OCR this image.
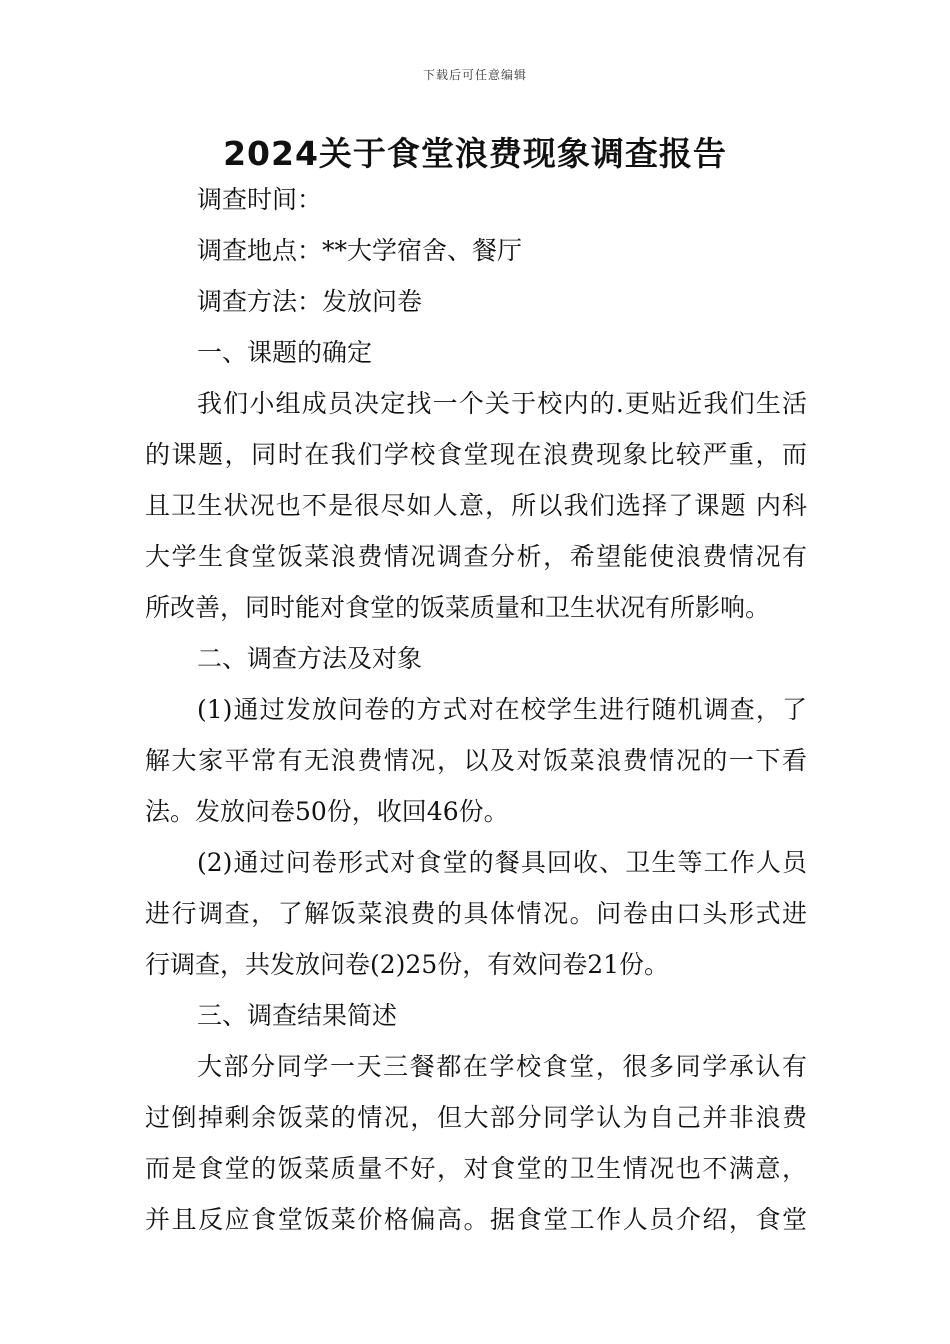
下载后可任意编辑
2024关于食堂浪费现象调查报告
调查时间：
调查地点：**大学宿舍、餐厅
调查方法：发放问卷
一、课题的确定
我们小组成员决定找一个关于校内的.更贴近我们生活
的课题，同时在我们学校食堂现在浪费现象比较严重，而
且卫生状况也不是很尽如人意，所以我们选择了课题 内科
大学生食堂饭菜浪费情况调查分析，希望能使浪费情况有
所改善，同时能对食堂的饭菜质量和卫生状况有所影响。
二、调查方法及对象
(1)通过发放问卷的方式对在校学生进行随机调查，了
解大家平常有无浪费情况，以及对饭菜浪费情况的一下看
法。发放问卷50份，收回46份。
(2)通过问卷形式对食堂的餐具回收、卫生等工作人员
进行调查，了解饭菜浪费的具体情况。问卷由口头形式进
行调查，共发放问卷(2)25份，有效问卷21份。
三、调查结果简述
大部分同学一天三餐都在学校食堂，很多同学承认有
过倒掉剩余饭菜的情况，但大部分同学认为自己并非浪费
而是食堂的饭菜质量不好，对食堂的卫生情况也不满意，
并且反应食堂饭菜价格偏高。据食堂工作人员介绍，食堂
